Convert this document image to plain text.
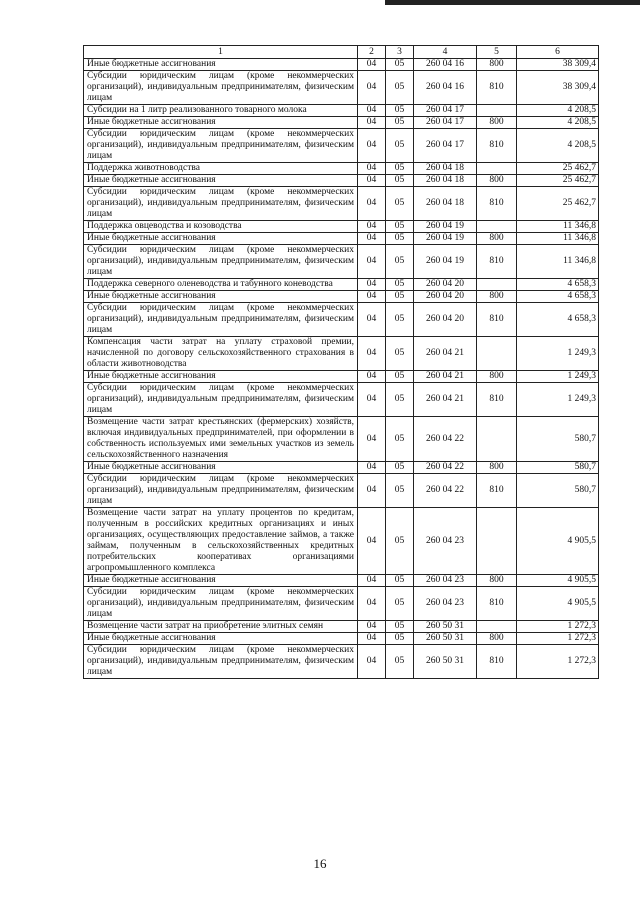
1	2	3	4	5	6
Иные бюджетные ассигнования	04	05	260 04 16	800	38 309,4
Субсидии юридическим лицам (кроме некоммерческих организаций), индивидуальным предпринимателям, физическим лицам	04	05	260 04 16	810	38 309,4
Субсидии на 1 литр реализованного товарного молока	04	05	260 04 17		4 208,5
Иные бюджетные ассигнования	04	05	260 04 17	800	4 208,5
Субсидии юридическим лицам (кроме некоммерческих организаций), индивидуальным предпринимателям, физическим лицам	04	05	260 04 17	810	4 208,5
Поддержка животноводства	04	05	260 04 18		25 462,7
Иные бюджетные ассигнования	04	05	260 04 18	800	25 462,7
Субсидии юридическим лицам (кроме некоммерческих организаций), индивидуальным предпринимателям, физическим лицам	04	05	260 04 18	810	25 462,7
Поддержка овцеводства и козоводства	04	05	260 04 19		11 346,8
Иные бюджетные ассигнования	04	05	260 04 19	800	11 346,8
Субсидии юридическим лицам (кроме некоммерческих организаций), индивидуальным предпринимателям, физическим лицам	04	05	260 04 19	810	11 346,8
Поддержка северного оленеводства и табунного коневодства	04	05	260 04 20		4 658,3
Иные бюджетные ассигнования	04	05	260 04 20	800	4 658,3
Субсидии юридическим лицам (кроме некоммерческих организаций), индивидуальным предпринимателям, физическим лицам	04	05	260 04 20	810	4 658,3
Компенсация части затрат на уплату страховой премии, начисленной по договору сельскохозяйственного страхования в области животноводства	04	05	260 04 21		1 249,3
Иные бюджетные ассигнования	04	05	260 04 21	800	1 249,3
Субсидии юридическим лицам (кроме некоммерческих организаций), индивидуальным предпринимателям, физическим лицам	04	05	260 04 21	810	1 249,3
Возмещение части затрат крестьянских (фермерских) хозяйств, включая индивидуальных предпринимателей, при оформлении в собственность используемых ими земельных участков из земель сельскохозяйственного назначения	04	05	260 04 22		580,7
Иные бюджетные ассигнования	04	05	260 04 22	800	580,7
Субсидии юридическим лицам (кроме некоммерческих организаций), индивидуальным предпринимателям, физическим лицам	04	05	260 04 22	810	580,7
Возмещение части затрат на уплату процентов по кредитам, полученным в российских кредитных организациях и иных организациях, осуществляющих предоставление займов, а также займам, полученным в сельскохозяйственных кредитных потребительских кооперативах организациями агропромышленного комплекса	04	05	260 04 23		4 905,5
Иные бюджетные ассигнования	04	05	260 04 23	800	4 905,5
Субсидии юридическим лицам (кроме некоммерческих организаций), индивидуальным предпринимателям, физическим лицам	04	05	260 04 23	810	4 905,5
Возмещение части затрат на приобретение элитных семян	04	05	260 50 31		1 272,3
Иные бюджетные ассигнования	04	05	260 50 31	800	1 272,3
Субсидии юридическим лицам (кроме некоммерческих организаций), индивидуальным предпринимателям, физическим лицам	04	05	260 50 31	810	1 272,3
16
